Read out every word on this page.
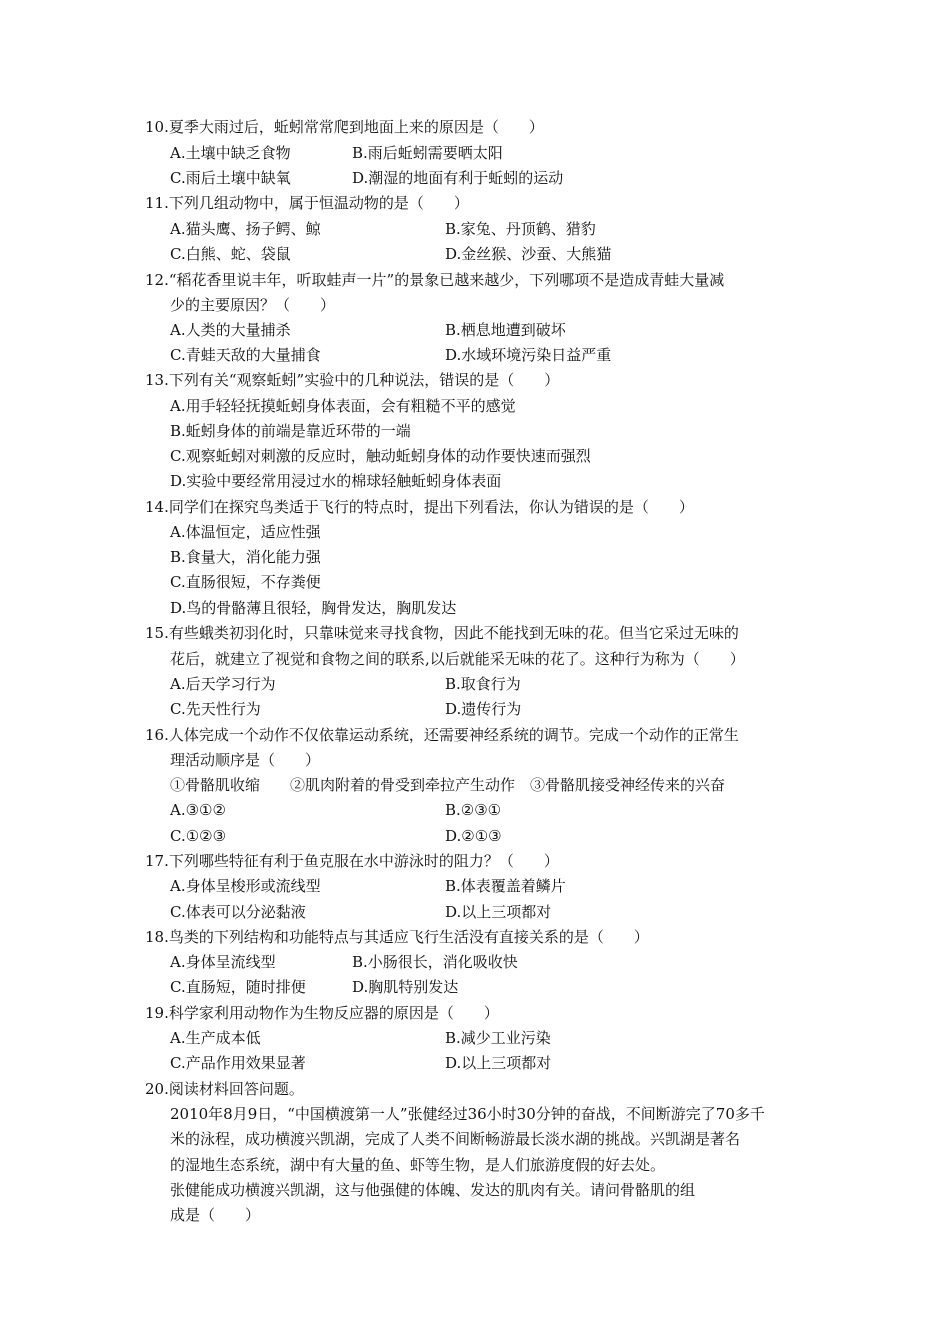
10.夏季大雨过后，蚯蚓常常爬到地面上来的原因是（　　）
A.土壤中缺乏食物	B.雨后蚯蚓需要晒太阳
C.雨后土壤中缺氧	D.潮湿的地面有利于蚯蚓的运动
11.下列几组动物中，属于恒温动物的是（　　）
A.猫头鹰、扬子鳄、鲸	B.家兔、丹顶鹤、猎豹
C.白熊、蛇、袋鼠	D.金丝猴、沙蚕、大熊猫
12.“稻花香里说丰年，听取蛙声一片”的景象已越来越少，下列哪项不是造成青蛙大量减
少的主要原因？（　　）
A.人类的大量捕杀	B.栖息地遭到破坏
C.青蛙天敌的大量捕食	D.水域环境污染日益严重
13.下列有关“观察蚯蚓”实验中的几种说法，错误的是（　　）
A.用手轻轻抚摸蚯蚓身体表面，会有粗糙不平的感觉
B.蚯蚓身体的前端是靠近环带的一端
C.观察蚯蚓对刺激的反应时，触动蚯蚓身体的动作要快速而强烈
D.实验中要经常用浸过水的棉球轻触蚯蚓身体表面
14.同学们在探究鸟类适于飞行的特点时，提出下列看法，你认为错误的是（　　）
A.体温恒定，适应性强
B.食量大，消化能力强
C.直肠很短，不存粪便
D.鸟的骨骼薄且很轻，胸骨发达，胸肌发达
15.有些蛾类初羽化时，只靠味觉来寻找食物，因此不能找到无味的花。但当它采过无味的
花后，就建立了视觉和食物之间的联系,以后就能采无味的花了。这种行为称为（　　）
A.后天学习行为	B.取食行为
C.先天性行为	D.遗传行为
16.人体完成一个动作不仅依靠运动系统，还需要神经系统的调节。完成一个动作的正常生
理活动顺序是（　　）
①骨骼肌收缩　　②肌肉附着的骨受到牵拉产生动作　③骨骼肌接受神经传来的兴奋
A.③①②	B.②③①
C.①②③	D.②①③
17.下列哪些特征有利于鱼克服在水中游泳时的阻力？（　　）
A.身体呈梭形或流线型	B.体表覆盖着鳞片
C.体表可以分泌黏液	D.以上三项都对
18.鸟类的下列结构和功能特点与其适应飞行生活没有直接关系的是（　　）
A.身体呈流线型	B.小肠很长，消化吸收快
C.直肠短，随时排便	D.胸肌特别发达
19.科学家利用动物作为生物反应器的原因是（　　）
A.生产成本低	B.减少工业污染
C.产品作用效果显著	D.以上三项都对
20.阅读材料回答问题。
2010年8月9日，“中国横渡第一人”张健经过36小时30分钟的奋战，不间断游完了70多千
米的泳程，成功横渡兴凯湖，完成了人类不间断畅游最长淡水湖的挑战。兴凯湖是著名
的湿地生态系统，湖中有大量的鱼、虾等生物，是人们旅游度假的好去处。
张健能成功横渡兴凯湖，这与他强健的体魄、发达的肌肉有关。请问骨骼肌的组
成是（　　）
